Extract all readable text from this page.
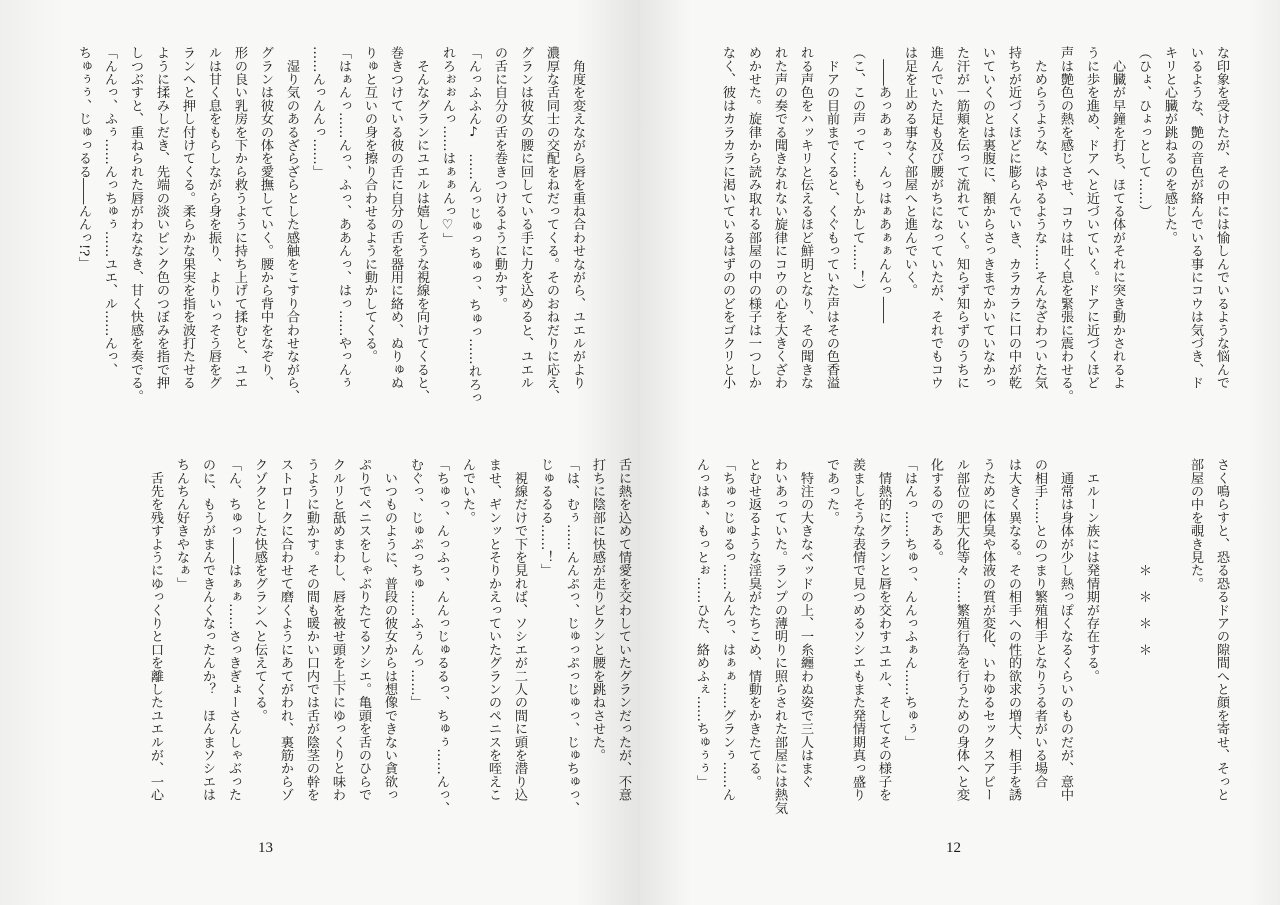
　角度を変えながら唇を重ね合わせながら、ユエルがより
濃厚な舌同士の交配をねだってくる。そのおねだりに応え、
グランは彼女の腰に回している手に力を込めると、ユエル
の舌に自分の舌を巻きつけるように動かす。
「んっふふん♪　……んっじゅっちゅっ、ちゅっ……れろっ
れろぉぉんっ……はぁぁんっ♡」
　そんなグランにユエルは嬉しそうな視線を向けてくると、
巻きつけている彼の舌に自分の舌を器用に絡め、ぬりゅぬ
りゅと互いの身を擦り合わせるように動かしてくる。
「はぁんっ……んっ、ふっ、ああんっ、はっ……やっんぅ
……んっんんっ……」
　湿り気のあるざらざらとした感触をこすり合わせながら、
グランは彼女の体を愛撫していく。腰から背中をなぞり、
形の良い乳房を下から救うように持ち上げて揉むと、ユエ
ルは甘く息をもらしながら身を振り、よりいっそう唇をグ
ランへと押し付けてくる。柔らかな果実を指を波打たせる
ように揉みしだき、先端の淡いピンク色のつぼみを指で押
しつぶすと、重ねられた唇がわななき、甘く快感を奏でる。
「んんっ、ふぅ……んっちゅぅ……ユエ、ル……んっ、
ちゅぅぅ、じゅっるる――んんっ!?」
舌に熱を込めて情愛を交わしていたグランだったが、不意
打ちに陰部に快感が走りビクンと腰を跳ねさせた。
「は、むぅ……んんぷっ、じゅっぷっじゅっ、じゅちゅっ、
じゅるるる……！」
　視線だけで下を見れば、ソシエが二人の間に頭を潜り込
ませ、ギンッとそりかえっていたグランのペニスを咥えこ
んでいた。
「ちゅっ、んっふっ、んんっじゅるるっ、ちゅぅ……んっ、
むぐっ、じゅぷっちゅ……ふぅんっ……」
　いつものように、普段の彼女からは想像できない貪欲っ
ぷりでペニスをしゃぶりたてるソシエ。亀頭を舌のひらで
クルリと舐めまわし、唇を被せ頭を上下にゆっくりと味わ
うように動かす。その間も暖かい口内では舌が陰茎の幹を
ストロークに合わせて磨くようにあてがわれ、裏筋からゾ
クゾクとした快感をグランへと伝えてくる。
「ん、ちゅっ――はぁぁ……さっきぎょーさんしゃぶった
のに、もうがまんできんくなったんか？　ほんまソシエは
ちんちん好きやなぁ」
　舌先を残すようにゆっくりと口を離したユエルが、一心
13
な印象を受けたが、その中には愉しんでいるような悩んで
いるような、艶の音色が絡んでいる事にコウは気づき、ド
キリと心臓が跳ねるのを感じた。
（ひょ、ひょっとして……）
　心臓が早鐘を打ち、ほてる体がそれに突き動かされるよ
うに歩を進め、ドアへと近づいていく。ドアに近づくほど
声は艶色の熱を感じさせ、コウは吐く息を緊張に震わせる。
　ためらうような、はやるような……そんなざわついた気
持ちが近づくほどに膨らんでいき、カラカラに口の中が乾
いていくのとは裏腹に、額からさっきまでかいていなかっ
た汗が一筋頬を伝って流れていく。知らず知らずのうちに
進んでいた足も及び腰がちになっていたが、それでもコウ
は足を止める事なく部屋へと進んでいく。
　――あっあぁっ、んっはぁあぁぁんんっ――
（こ、この声って……もしかして……！）
　ドアの目前までくると、くぐもっていた声はその色香溢
れる声色をハッキリと伝えるほど鮮明となり、その聞きな
れた声の奏でる聞きなれない旋律にコウの心を大きくざわ
めかせた。旋律から読み取れる部屋の中の様子は一つしか
なく、彼はカラカラに渇いているはずののどをゴクリと小
さく鳴らすと、恐る恐るドアの隙間へと顔を寄せ、そっと
部屋の中を覗き見た。
　　　　　　　　＊　＊　＊　＊
　エルーン族には発情期が存在する。
　通常は身体が少し熱っぽくなるくらいのものだが、意中
の相手……とのつまり繁殖相手となりうる者がいる場合
は大きく異なる。その相手への性的欲求の増大、相手を誘
うために体臭や体液の質が変化、いわゆるセックスアピー
ル部位の肥大化等々……繁殖行為を行うための身体へと変
化するのである。
「はんっ……ちゅっ、んんっふぁん……ちゅぅ」
　情熱的にグランと唇を交わすユエル、そしてその様子を
羨ましそうな表情で見つめるソシエもまた発情期真っ盛り
であった。
　特注の大きなベッドの上、一糸纏わぬ姿で三人はまぐ
わいあっていた。ランプの薄明りに照らされた部屋には熱気
とむせ返るような淫臭がたちこめ、情動をかきたてる。
「ちゅっじゅるっ……んんっ、はぁぁ……グランぅ……ん
んっはぁ、もっとぉ……ひた、絡めふぇ……ちゅぅぅ」
12
